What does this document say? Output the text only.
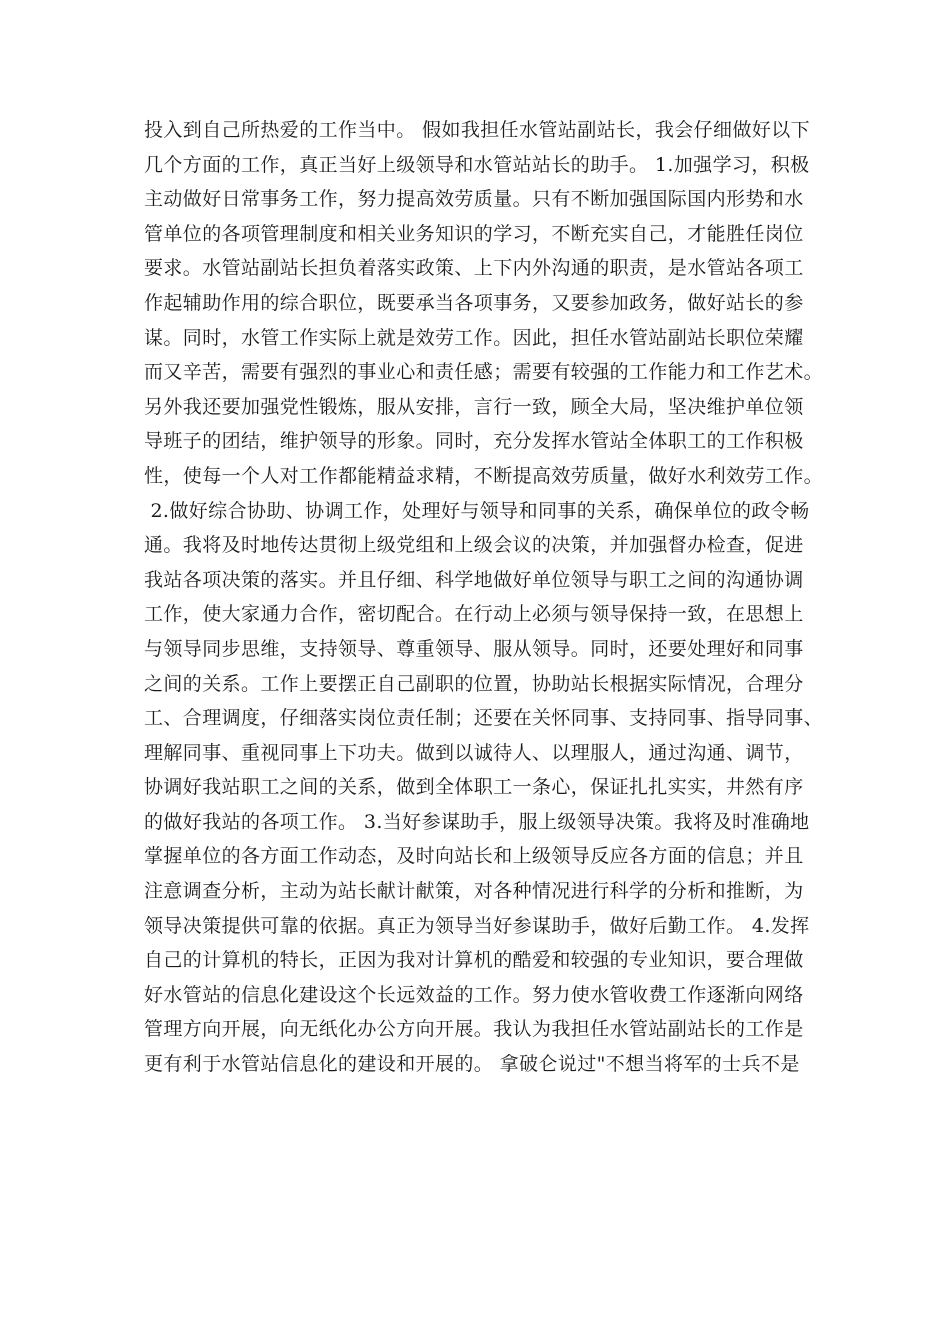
投入到自己所热爱的工作当中。 假如我担任水管站副站长，我会仔细做好以下
几个方面的工作，真正当好上级领导和水管站站长的助手。 1.加强学习，积极
主动做好日常事务工作，努力提高效劳质量。只有不断加强国际国内形势和水
管单位的各项管理制度和相关业务知识的学习，不断充实自己，才能胜任岗位
要求。水管站副站长担负着落实政策、上下内外沟通的职责，是水管站各项工
作起辅助作用的综合职位，既要承当各项事务，又要参加政务，做好站长的参
谋。同时，水管工作实际上就是效劳工作。因此，担任水管站副站长职位荣耀
而又辛苦，需要有强烈的事业心和责任感；需要有较强的工作能力和工作艺术。
另外我还要加强党性锻炼，服从安排，言行一致，顾全大局，坚决维护单位领
导班子的团结，维护领导的形象。同时，充分发挥水管站全体职工的工作积极
性，使每一个人对工作都能精益求精，不断提高效劳质量，做好水利效劳工作。
2.做好综合协助、协调工作，处理好与领导和同事的关系，确保单位的政令畅
通。我将及时地传达贯彻上级党组和上级会议的决策，并加强督办检查，促进
我站各项决策的落实。并且仔细、科学地做好单位领导与职工之间的沟通协调
工作，使大家通力合作，密切配合。在行动上必须与领导保持一致，在思想上
与领导同步思维，支持领导、尊重领导、服从领导。同时，还要处理好和同事
之间的关系。工作上要摆正自己副职的位置，协助站长根据实际情况，合理分
工、合理调度，仔细落实岗位责任制；还要在关怀同事、支持同事、指导同事、
理解同事、重视同事上下功夫。做到以诚待人、以理服人，通过沟通、调节，
协调好我站职工之间的关系，做到全体职工一条心，保证扎扎实实，井然有序
的做好我站的各项工作。 3.当好参谋助手，服上级领导决策。我将及时准确地
掌握单位的各方面工作动态，及时向站长和上级领导反应各方面的信息；并且
注意调查分析，主动为站长献计献策，对各种情况进行科学的分析和推断，为
领导决策提供可靠的依据。真正为领导当好参谋助手，做好后勤工作。 4.发挥
自己的计算机的特长，正因为我对计算机的酷爱和较强的专业知识，要合理做
好水管站的信息化建设这个长远效益的工作。努力使水管收费工作逐渐向网络
管理方向开展，向无纸化办公方向开展。我认为我担任水管站副站长的工作是
更有利于水管站信息化的建设和开展的。 拿破仑说过"不想当将军的士兵不是
